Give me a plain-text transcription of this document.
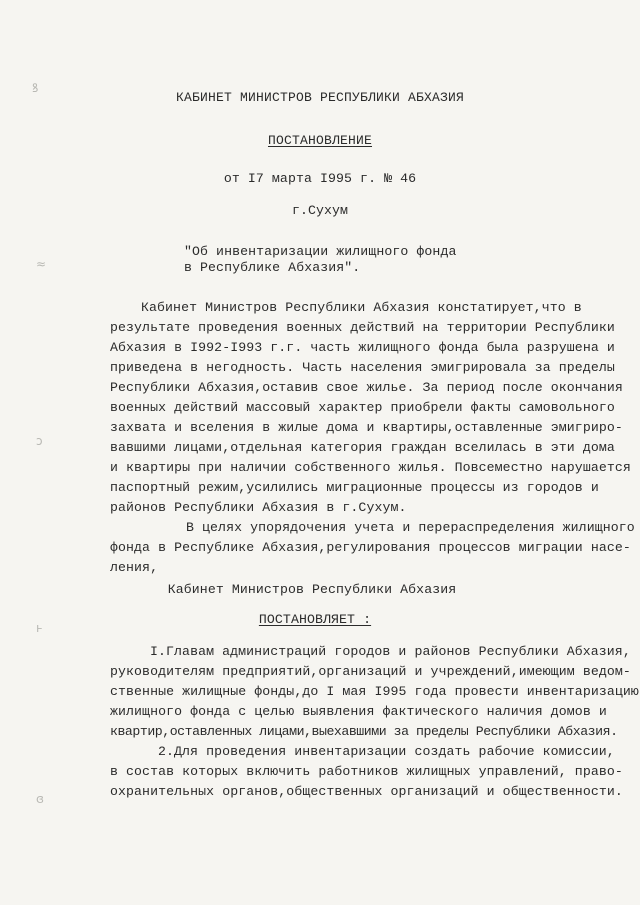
ꝸ
≈
ɔ
ⱶ
ɞ
КАБИНЕТ МИНИСТРОВ РЕСПУБЛИКИ АБХАЗИЯ
ПОСТАНОВЛЕНИЕ
от I7 марта I995 г. № 46
г.Сухум
"Об инвентаризации жилищного фонда
в Республике Абхазия".
Кабинет Министров Республики Абхазия констатирует,что в
результате проведения военных действий на территории Республики
Абхазия в I992-I993 г.г. часть жилищного фонда была разрушена и
приведена в негодность. Часть населения эмигрировала за пределы
Республики Абхазия,оставив свое жилье. За период после окончания
военных действий массовый характер приобрели факты самовольного
захвата и вселения в жилые дома и квартиры,оставленные эмигриро-
вавшими лицами,отдельная категория граждан вселилась в эти дома
и квартиры при наличии собственного жилья. Повсеместно нарушается
паспортный режим,усилились миграционные процессы из городов и
районов Республики Абхазия в г.Сухум.
В целях упорядочения учета и перераспределения жилищного
фонда в Республике Абхазия,регулирования процессов миграции насе-
ления,
Кабинет Министров Республики Абхазия
ПОСТАНОВЛЯЕТ :
I.Главам администраций городов и районов Республики Абхазия,
руководителям предприятий,организаций и учреждений,имеющим ведом-
ственные жилищные фонды,до I мая I995 года провести инвентаризацию
жилищного фонда с целью выявления фактического наличия домов и
квартир,оставленных лицами,выехавшими за пределы Республики Абхазия.
2.Для проведения инвентаризации создать рабочие комиссии,
в состав которых включить работников жилищных управлений, право-
охранительных органов,общественных организаций и общественности.
